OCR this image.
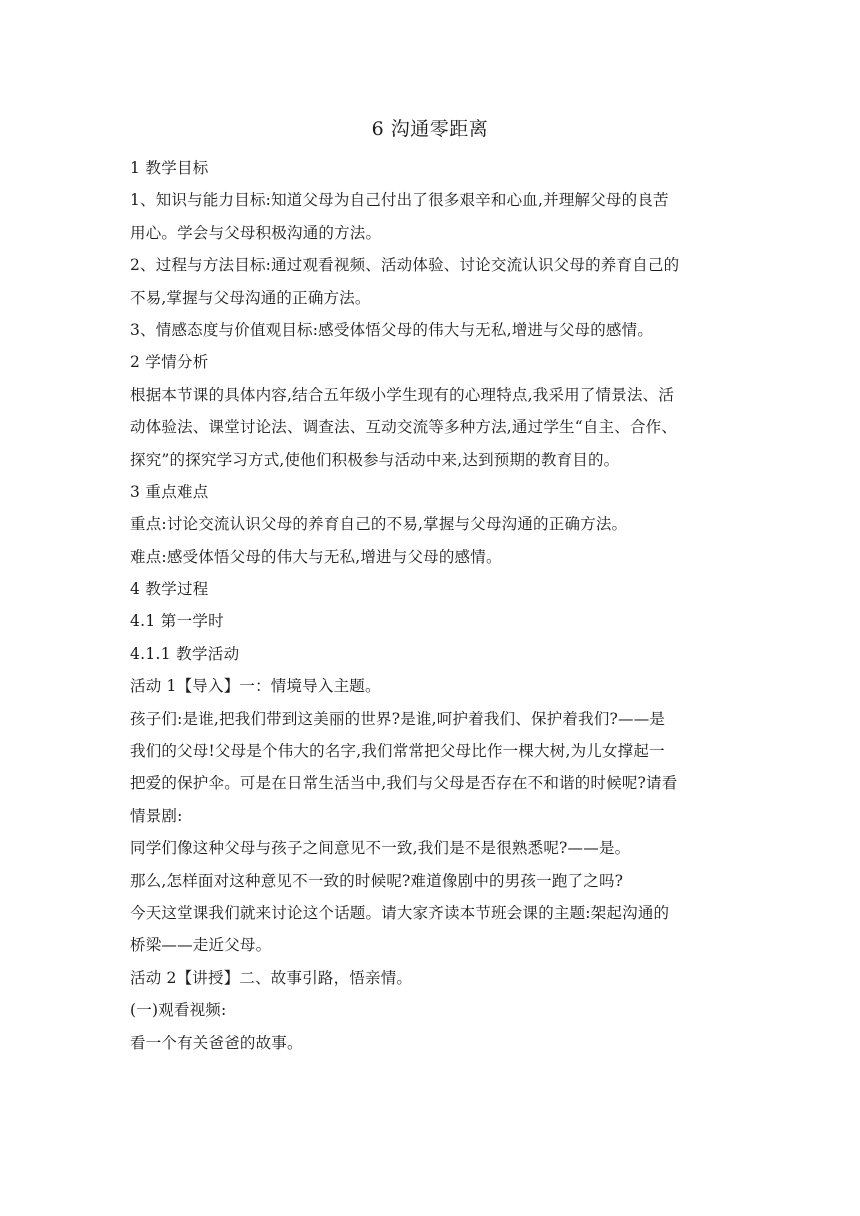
6 沟通零距离
1 教学目标
1、知识与能力目标:知道父母为自己付出了很多艰辛和心血,并理解父母的良苦
用心。学会与父母积极沟通的方法。
2、过程与方法目标:通过观看视频、活动体验、讨论交流认识父母的养育自己的
不易,掌握与父母沟通的正确方法。
3、情感态度与价值观目标:感受体悟父母的伟大与无私,增进与父母的感情。
2 学情分析
根据本节课的具体内容,结合五年级小学生现有的心理特点,我采用了情景法、活
动体验法、课堂讨论法、调查法、互动交流等多种方法,通过学生“自主、合作、
探究”的探究学习方式,使他们积极参与活动中来,达到预期的教育目的。
3 重点难点
重点:讨论交流认识父母的养育自己的不易,掌握与父母沟通的正确方法。
难点:感受体悟父母的伟大与无私,增进与父母的感情。
4 教学过程
4.1 第一学时
4.1.1 教学活动
活动 1【导入】一：情境导入主题。
孩子们:是谁,把我们带到这美丽的世界?是谁,呵护着我们、保护着我们?——是
我们的父母!父母是个伟大的名字,我们常常把父母比作一棵大树,为儿女撑起一
把爱的保护伞。可是在日常生活当中,我们与父母是否存在不和谐的时候呢?请看
情景剧:
同学们像这种父母与孩子之间意见不一致,我们是不是很熟悉呢?——是。
那么,怎样面对这种意见不一致的时候呢?难道像剧中的男孩一跑了之吗?
今天这堂课我们就来讨论这个话题。请大家齐读本节班会课的主题:架起沟通的
桥梁——走近父母。
活动 2【讲授】二、故事引路，悟亲情。
(一)观看视频:
看一个有关爸爸的故事。
